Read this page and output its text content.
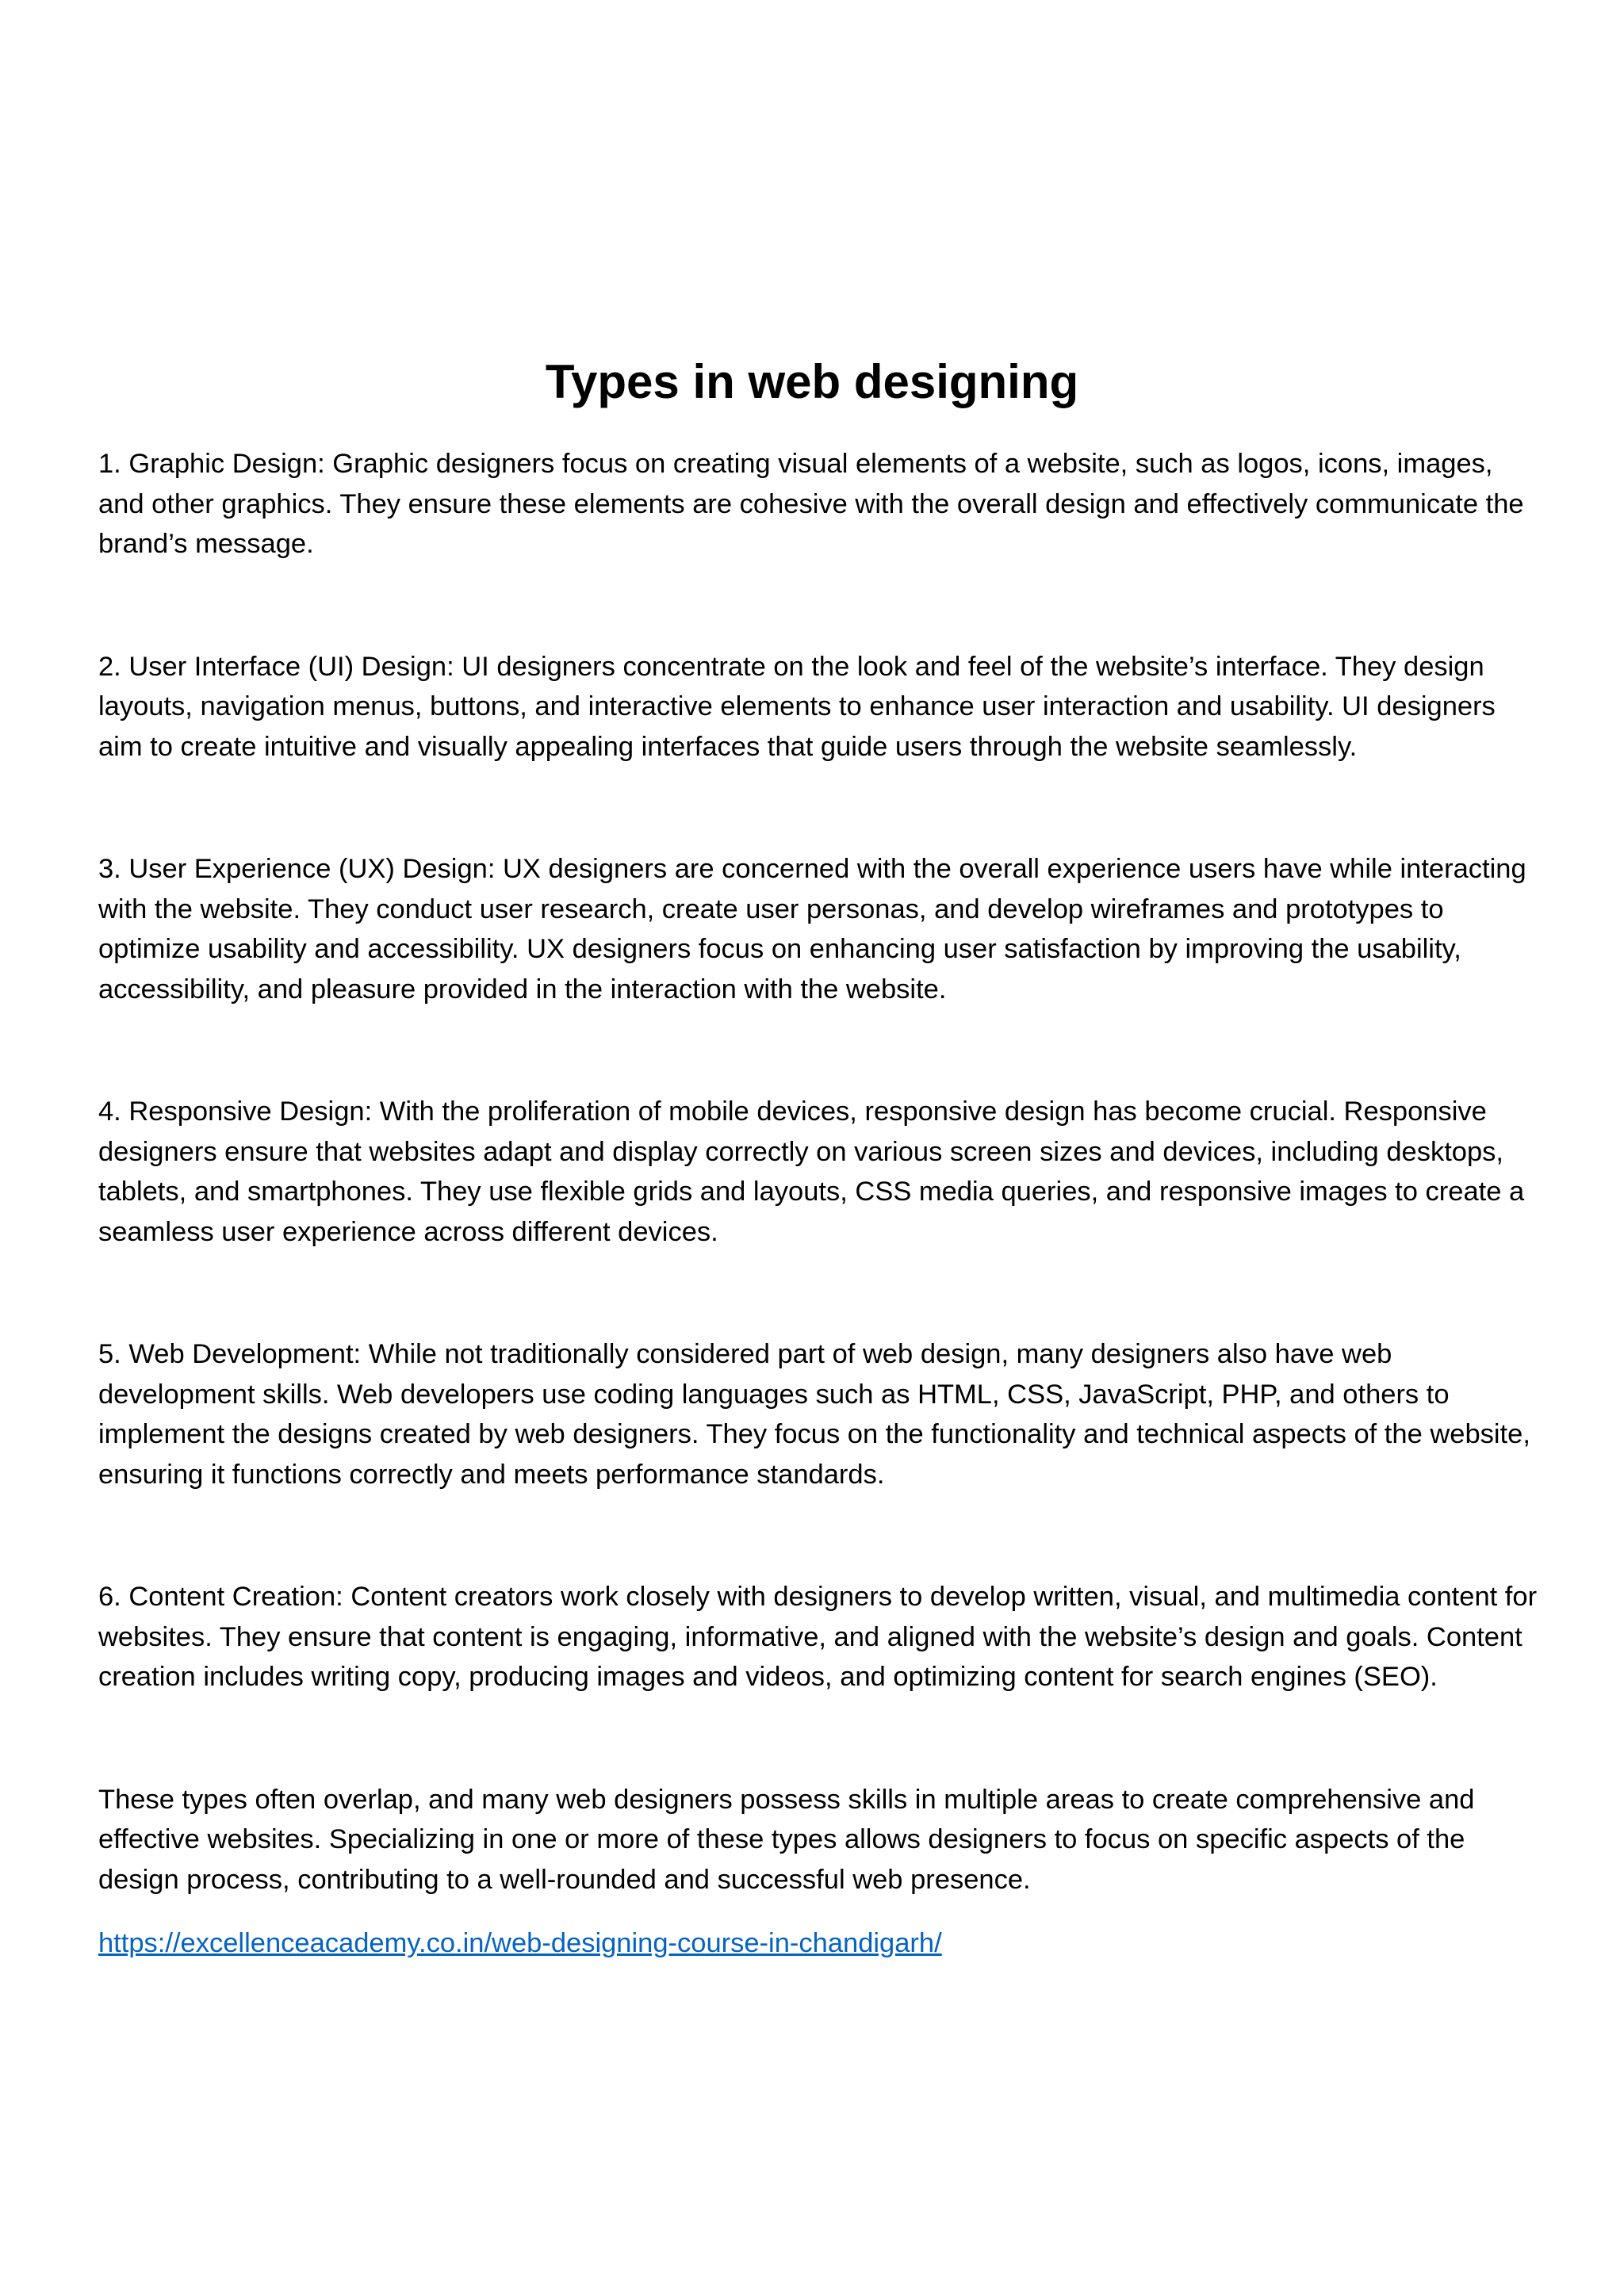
Types in web designing

1. Graphic Design: Graphic designers focus on creating visual elements of a website, such as logos, icons, images, and other graphics. They ensure these elements are cohesive with the overall design and effectively communicate the brand’s message.

2. User Interface (UI) Design: UI designers concentrate on the look and feel of the website’s interface. They design layouts, navigation menus, buttons, and interactive elements to enhance user interaction and usability. UI designers aim to create intuitive and visually appealing interfaces that guide users through the website seamlessly.

3. User Experience (UX) Design: UX designers are concerned with the overall experience users have while interacting with the website. They conduct user research, create user personas, and develop wireframes and prototypes to optimize usability and accessibility. UX designers focus on enhancing user satisfaction by improving the usability, accessibility, and pleasure provided in the interaction with the website.

4. Responsive Design: With the proliferation of mobile devices, responsive design has become crucial. Responsive designers ensure that websites adapt and display correctly on various screen sizes and devices, including desktops, tablets, and smartphones. They use flexible grids and layouts, CSS media queries, and responsive images to create a seamless user experience across different devices.

5. Web Development: While not traditionally considered part of web design, many designers also have web development skills. Web developers use coding languages such as HTML, CSS, JavaScript, PHP, and others to implement the designs created by web designers. They focus on the functionality and technical aspects of the website, ensuring it functions correctly and meets performance standards.

6. Content Creation: Content creators work closely with designers to develop written, visual, and multimedia content for websites. They ensure that content is engaging, informative, and aligned with the website’s design and goals. Content creation includes writing copy, producing images and videos, and optimizing content for search engines (SEO).

These types often overlap, and many web designers possess skills in multiple areas to create comprehensive and effective websites. Specializing in one or more of these types allows designers to focus on specific aspects of the design process, contributing to a well-rounded and successful web presence.

https://excellenceacademy.co.in/web-designing-course-in-chandigarh/
